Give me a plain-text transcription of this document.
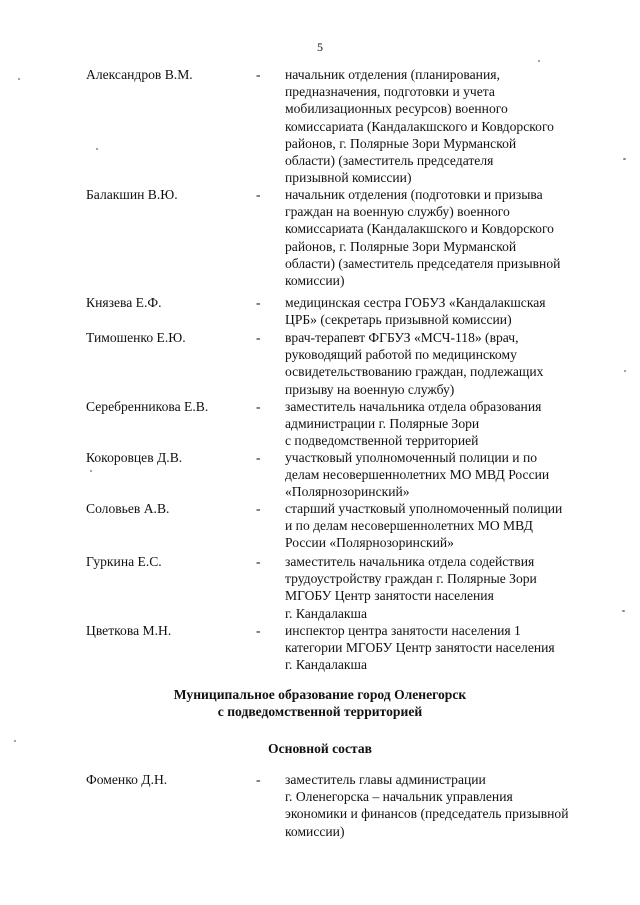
5
Александров В.М.	- начальник отделения (планирования,
предназначения, подготовки и учета
мобилизационных ресурсов) военного
комиссариата (Кандалакшского и Ковдорского
районов, г. Полярные Зори Мурманской
области) (заместитель председателя
призывной комиссии)
Балакшин В.Ю.	- начальник отделения (подготовки и призыва
граждан на военную службу) военного
комиссариата (Кандалакшского и Ковдорского
районов, г. Полярные Зори Мурманской
области) (заместитель председателя призывной
комиссии)
Князева Е.Ф.	- медицинская сестра ГОБУЗ «Кандалакшская
ЦРБ» (секретарь призывной комиссии)
Тимошенко Е.Ю.	- врач-терапевт ФГБУЗ «МСЧ-118» (врач,
руководящий работой по медицинскому
освидетельствованию граждан, подлежащих
призыву на военную службу)
Серебренникова Е.В.	- заместитель начальника отдела образования
администрации г. Полярные Зори
с подведомственной территорией
Кокоровцев Д.В.	- участковый уполномоченный полиции и по
делам несовершеннолетних МО МВД России
«Полярнозоринский»
Соловьев А.В.	- старший участковый уполномоченный полиции
и по делам несовершеннолетних МО МВД
России «Полярнозоринский»
Гуркина Е.С.	- заместитель начальника отдела содействия
трудоустройству граждан г. Полярные Зори
МГОБУ Центр занятости населения
г. Кандалакша
Цветкова М.Н.	- инспектор центра занятости населения 1
категории МГОБУ Центр занятости населения
г. Кандалакша
Фоменко Д.Н.	- заместитель главы администрации
г. Оленегорска – начальник управления
экономики и финансов (председатель призывной
комиссии)
Муниципальное образование город Оленегорск
с подведомственной территорией
Основной состав
